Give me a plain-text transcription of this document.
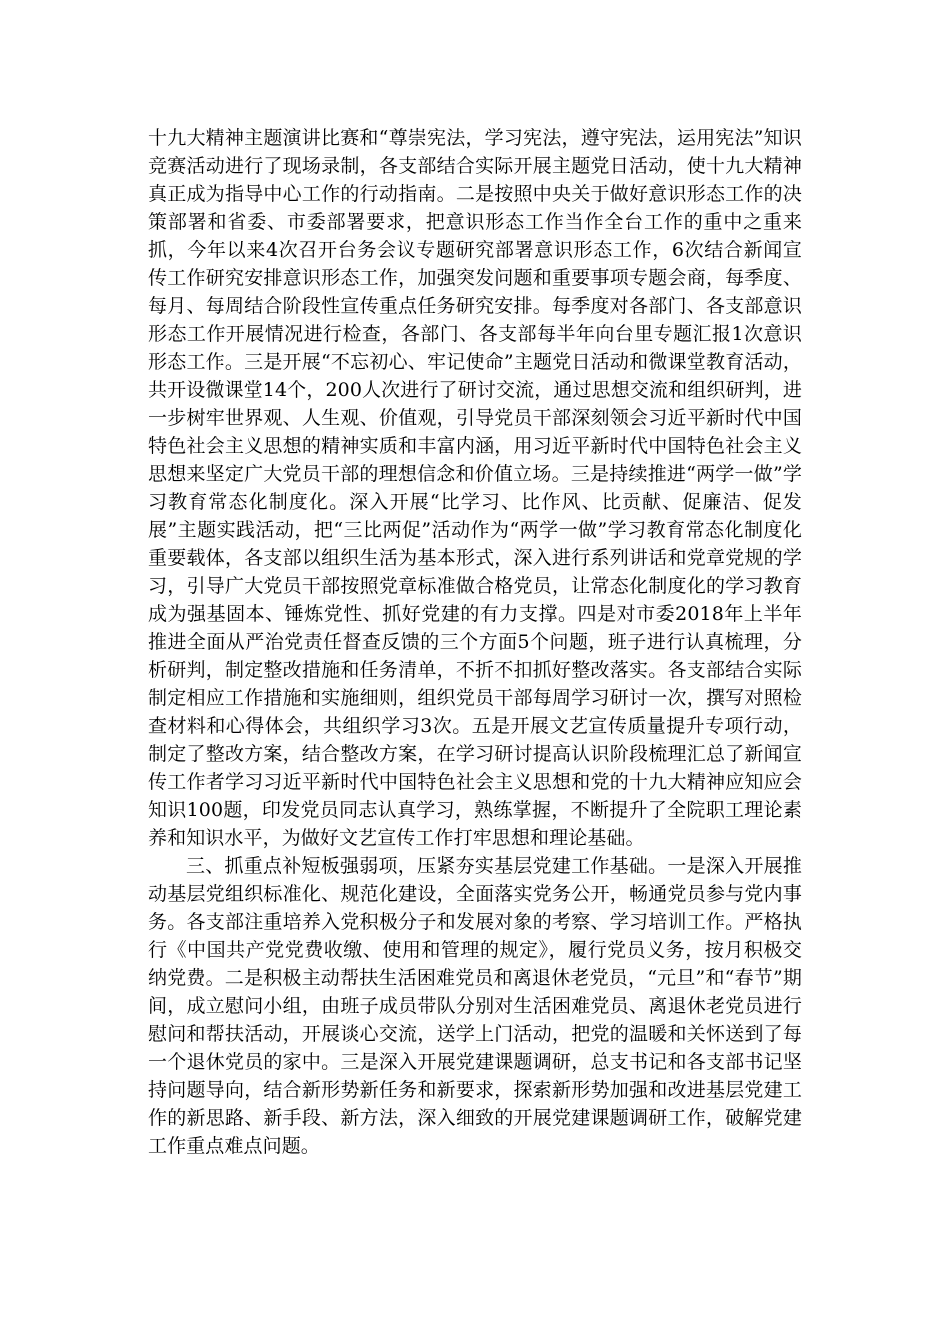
十九大精神主题演讲比赛和“尊崇宪法，学习宪法，遵守宪法，运用宪法”知识竞赛活动进行了现场录制，各支部结合实际开展主题党日活动，使十九大精神真正成为指导中心工作的行动指南。二是按照中央关于做好意识形态工作的决策部署和省委、市委部署要求，把意识形态工作当作全台工作的重中之重来抓，今年以来4次召开台务会议专题研究部署意识形态工作，6次结合新闻宣传工作研究安排意识形态工作，加强突发问题和重要事项专题会商，每季度、每月、每周结合阶段性宣传重点任务研究安排。每季度对各部门、各支部意识形态工作开展情况进行检查，各部门、各支部每半年向台里专题汇报1次意识形态工作。三是开展“不忘初心、牢记使命”主题党日活动和微课堂教育活动，共开设微课堂14个，200人次进行了研讨交流，通过思想交流和组织研判，进一步树牢世界观、人生观、价值观，引导党员干部深刻领会习近平新时代中国特色社会主义思想的精神实质和丰富内涵，用习近平新时代中国特色社会主义思想来坚定广大党员干部的理想信念和价值立场。三是持续推进“两学一做”学习教育常态化制度化。深入开展“比学习、比作风、比贡献、促廉洁、促发展”主题实践活动，把“三比两促”活动作为“两学一做”学习教育常态化制度化重要载体，各支部以组织生活为基本形式，深入进行系列讲话和党章党规的学习，引导广大党员干部按照党章标准做合格党员，让常态化制度化的学习教育成为强基固本、锤炼党性、抓好党建的有力支撑。四是对市委2018年上半年推进全面从严治党责任督查反馈的三个方面5个问题，班子进行认真梳理，分析研判，制定整改措施和任务清单，不折不扣抓好整改落实。各支部结合实际制定相应工作措施和实施细则，组织党员干部每周学习研讨一次，撰写对照检查材料和心得体会，共组织学习3次。五是开展文艺宣传质量提升专项行动，制定了整改方案，结合整改方案，在学习研讨提高认识阶段梳理汇总了新闻宣传工作者学习习近平新时代中国特色社会主义思想和党的十九大精神应知应会知识100题，印发党员同志认真学习，熟练掌握，不断提升了全院职工理论素养和知识水平，为做好文艺宣传工作打牢思想和理论基础。

三、抓重点补短板强弱项，压紧夯实基层党建工作基础。一是深入开展推动基层党组织标准化、规范化建设，全面落实党务公开，畅通党员参与党内事务。各支部注重培养入党积极分子和发展对象的考察、学习培训工作。严格执行《中国共产党党费收缴、使用和管理的规定》，履行党员义务，按月积极交纳党费。二是积极主动帮扶生活困难党员和离退休老党员，“元旦”和“春节”期间，成立慰问小组，由班子成员带队分别对生活困难党员、离退休老党员进行慰问和帮扶活动，开展谈心交流，送学上门活动，把党的温暖和关怀送到了每一个退休党员的家中。三是深入开展党建课题调研，总支书记和各支部书记坚持问题导向，结合新形势新任务和新要求，探索新形势加强和改进基层党建工作的新思路、新手段、新方法，深入细致的开展党建课题调研工作，破解党建工作重点难点问题。
